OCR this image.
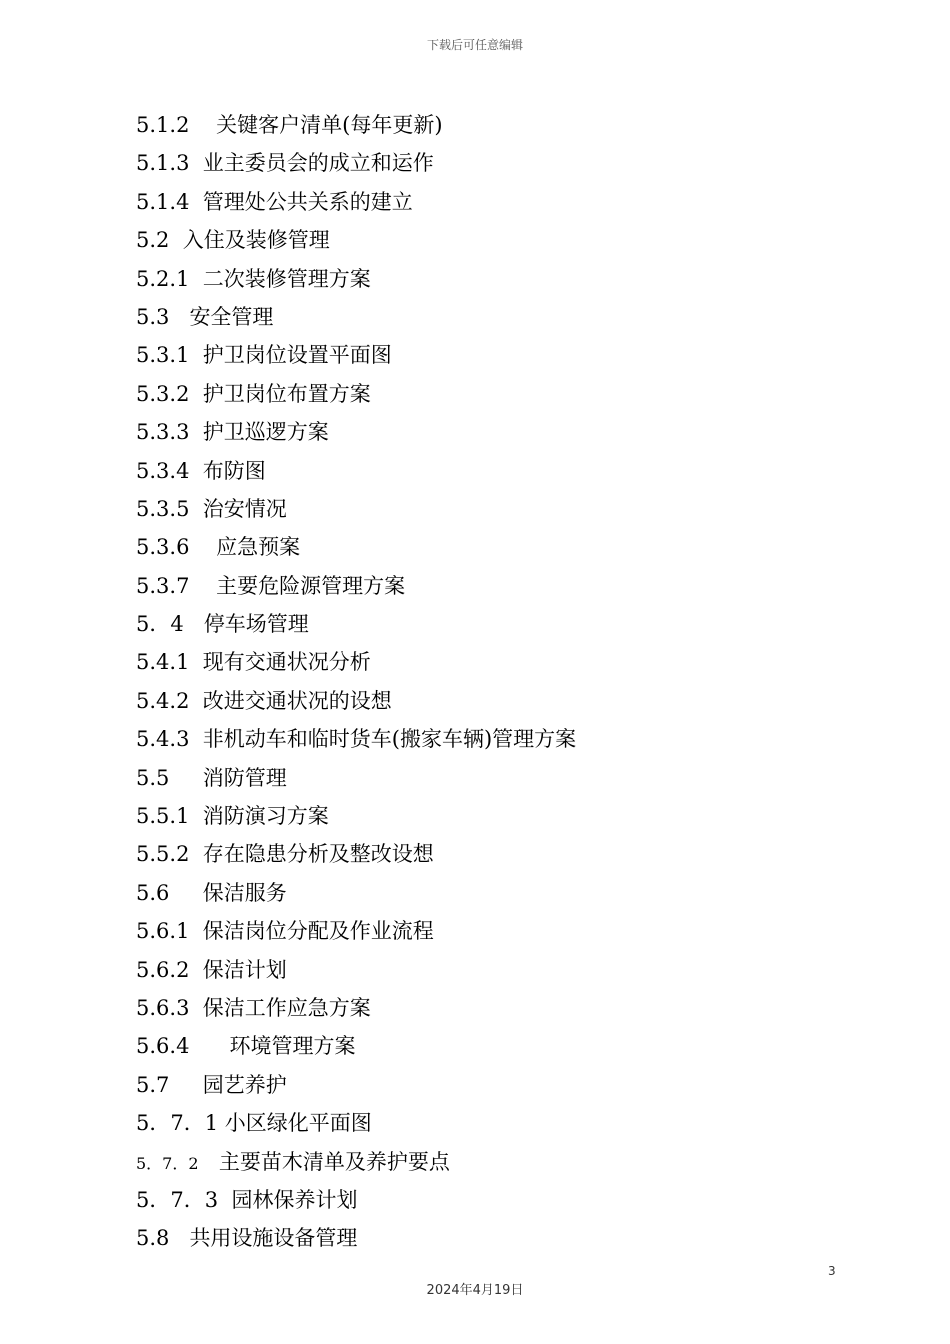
下载后可任意编辑
5.1.2 关键客户清单(每年更新)
5.1.3 业主委员会的成立和运作
5.1.4 管理处公共关系的建立
5.2 入住及装修管理
5.2.1 二次装修管理方案
5.3 安全管理
5.3.1 护卫岗位设置平面图
5.3.2 护卫岗位布置方案
5.3.3 护卫巡逻方案
5.3.4 布防图
5.3.5 治安情况
5.3.6 应急预案
5.3.7 主要危险源管理方案
5．4 停车场管理
5.4.1 现有交通状况分析
5.4.2 改进交通状况的设想
5.4.3 非机动车和临时货车(搬家车辆)管理方案
5.5 消防管理
5.5.1 消防演习方案
5.5.2 存在隐患分析及整改设想
5.6 保洁服务
5.6.1 保洁岗位分配及作业流程
5.6.2 保洁计划
5.6.3 保洁工作应急方案
5.6.4 环境管理方案
5.7 园艺养护
5．7．1 小区绿化平面图
5．7．2 主要苗木清单及养护要点
5．7．3 园林保养计划
5.8 共用设施设备管理
3
2024年4月19日
